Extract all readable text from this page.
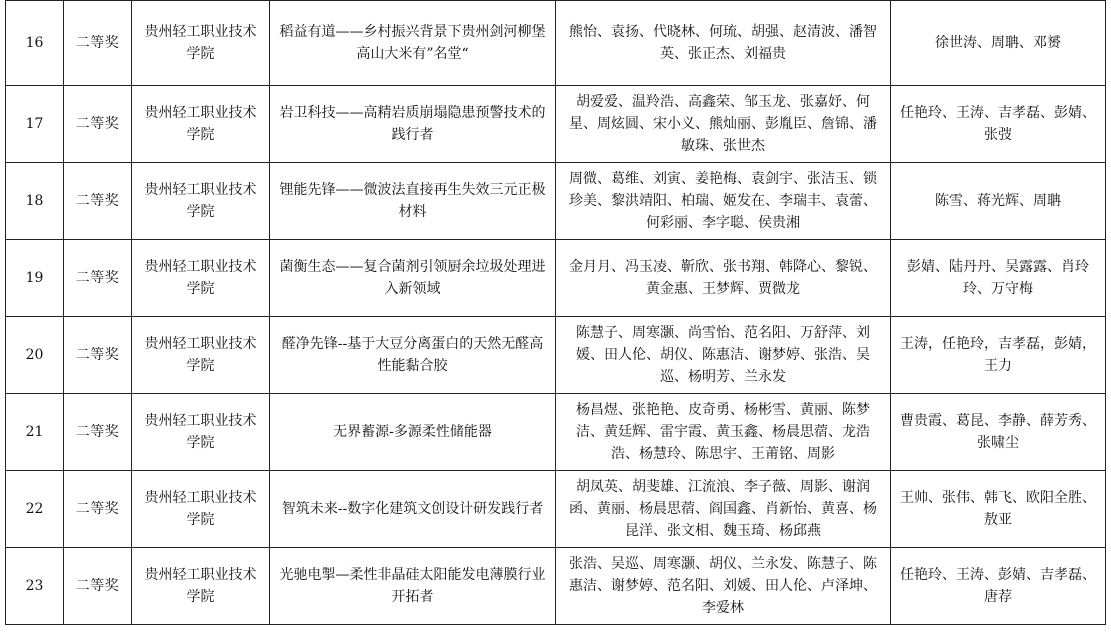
16	二等奖	贵州轻工职业技术学院	稻益有道——乡村振兴背景下贵州剑河柳堡高山大米有”名堂“	熊怡、袁扬、代晓林、何琉、胡强、赵清波、潘智英、张正杰、刘福贵	徐世涛、周聃、邓赟
17	二等奖	贵州轻工职业技术学院	岩卫科技——高精岩质崩塌隐患预警技术的践行者	胡爱爱、温羚浩、高鑫荣、邹玉龙、张嘉妤、何星、周炫圆、宋小义、熊灿丽、彭胤臣、詹锦、潘敏珠、张世杰	任艳玲、王涛、吉孝磊、彭婧、张弢
18	二等奖	贵州轻工职业技术学院	锂能先锋——微波法直接再生失效三元正极材料	周微、葛维、刘寅、姜艳梅、袁剑宇、张洁玉、锁珍美、黎洪靖阳、柏瑞、姬发在、李瑞丰、袁蕾、何彩丽、李字聪、侯贵湘	陈雪、蒋光辉、周聃
19	二等奖	贵州轻工职业技术学院	菌衡生态——复合菌剂引领厨余垃圾处理进入新领域	金月月、冯玉凌、靳欣、张书翔、韩降心、黎锐、黄金惠、王梦辉、贾微龙	彭婧、陆丹丹、吴露露、肖玲玲、万守梅
20	二等奖	贵州轻工职业技术学院	醛净先锋--基于大豆分离蛋白的天然无醛高性能黏合胶	陈慧子、周寒灏、尚雪怡、范名阳、万舒萍、刘媛、田人伦、胡仪、陈惠洁、谢梦婷、张浩、吴巡、杨明芳、兰永发	王涛，任艳玲，吉孝磊，彭婧，王力
21	二等奖	贵州轻工职业技术学院	无界蓄源-多源柔性储能器	杨昌煜、张艳艳、皮奇勇、杨彬雪、黄丽、陈梦洁、黄廷辉、雷宇霞、黄玉鑫、杨晨思蓿、龙浩浩、杨慧玲、陈思宇、王莆铭、周影	曹贵霞、葛昆、李静、薛芳秀、张啸尘
22	二等奖	贵州轻工职业技术学院	智筑未来--数字化建筑文创设计研发践行者	胡凤英、胡斐雄、江流浪、李子薇、周影、谢润函、黄丽、杨晨思蓿、阎国鑫、肖新怡、黄喜、杨昆洋、张文相、魏玉琦、杨邱燕	王帅、张伟、韩飞、欧阳全胜、敖亚
23	二等奖	贵州轻工职业技术学院	光驰电掣—柔性非晶硅太阳能发电薄膜行业开拓者	张浩、吴巡、周寒灏、胡仪、兰永发、陈慧子、陈惠洁、谢梦婷、范名阳、刘媛、田人伦、卢泽坤、李爱林	任艳玲、王涛、彭婧、吉孝磊、唐荐
